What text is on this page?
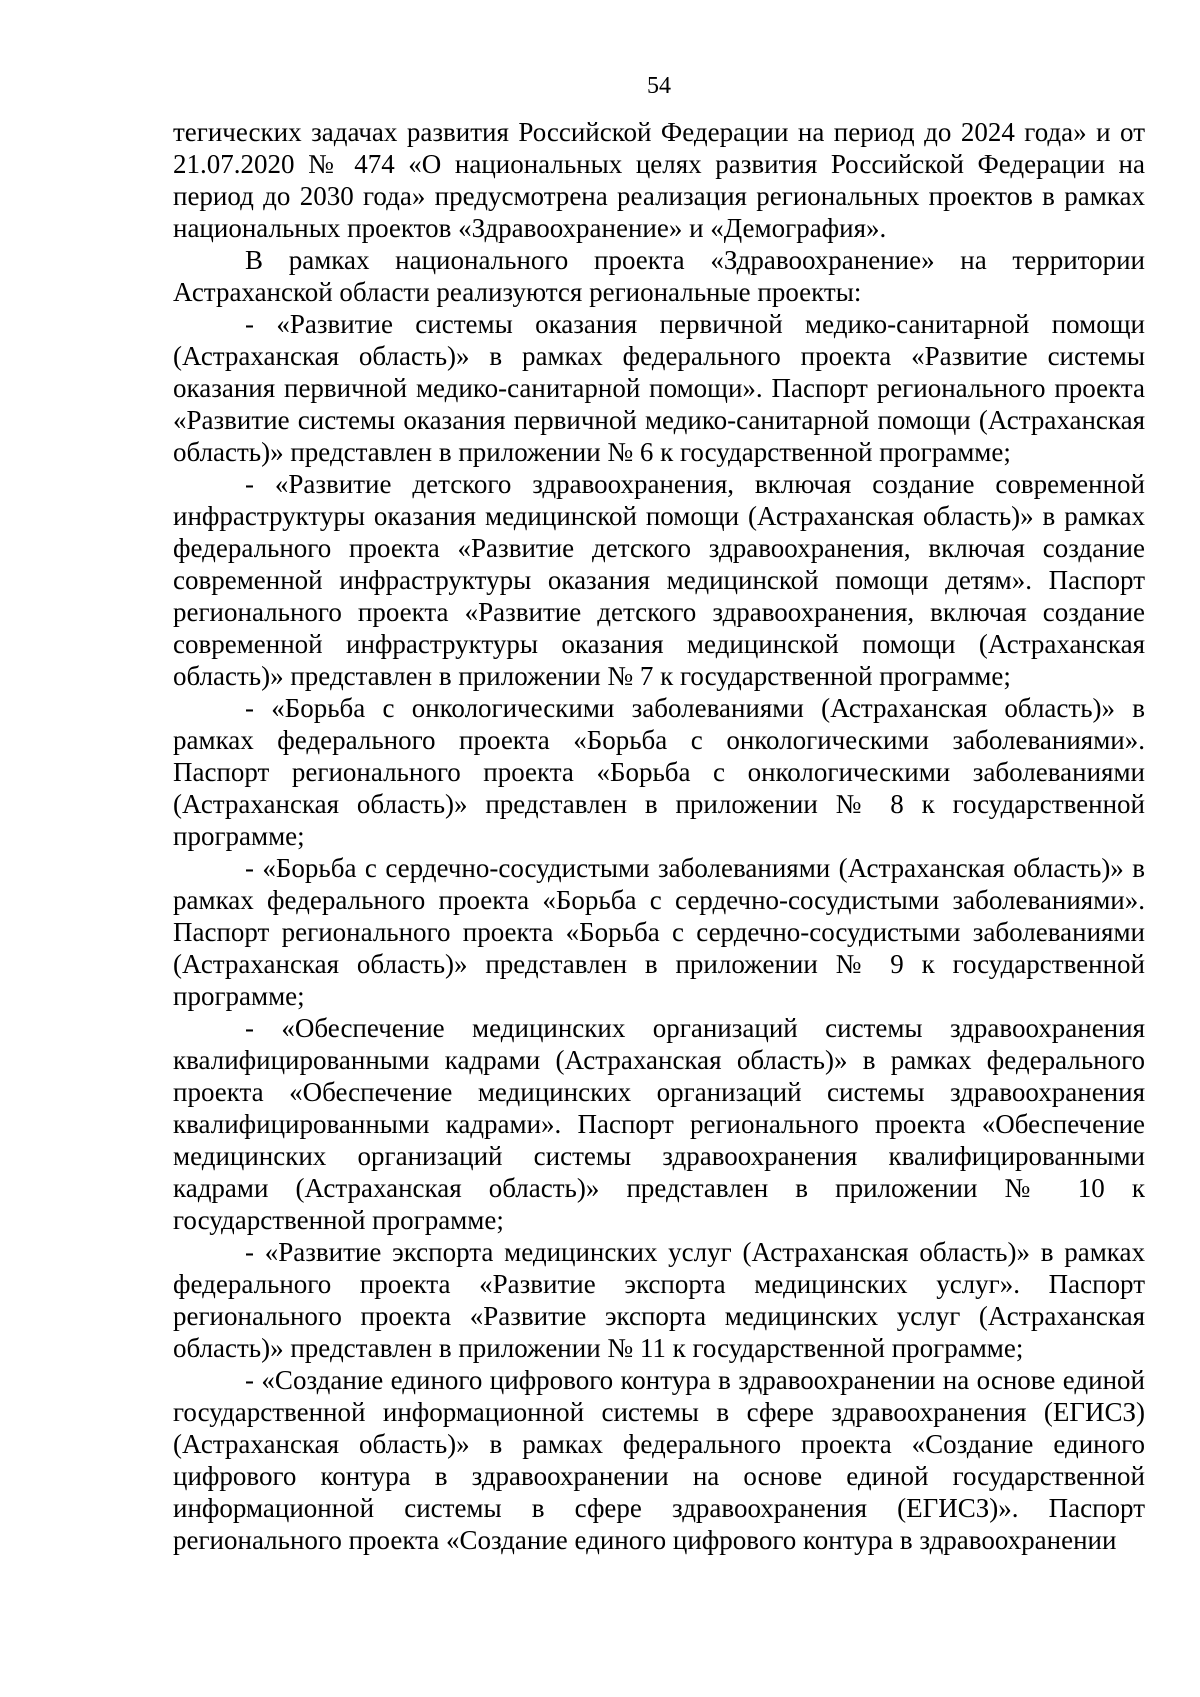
54

тегических задачах развития Российской Федерации на период до 2024 года» и от 21.07.2020 № 474 «О национальных целях развития Российской Федерации на период до 2030 года» предусмотрена реализация региональных проектов в рамках национальных проектов «Здравоохранение» и «Демография».

В рамках национального проекта «Здравоохранение» на территории Астраханской области реализуются региональные проекты:

- «Развитие системы оказания первичной медико-санитарной помощи (Астраханская область)» в рамках федерального проекта «Развитие системы оказания первичной медико-санитарной помощи». Паспорт регионального проекта «Развитие системы оказания первичной медико-санитарной помощи (Астраханская область)» представлен в приложении № 6 к государственной программе;

- «Развитие детского здравоохранения, включая создание современной инфраструктуры оказания медицинской помощи (Астраханская область)» в рамках федерального проекта «Развитие детского здравоохранения, включая создание современной инфраструктуры оказания медицинской помощи детям». Паспорт регионального проекта «Развитие детского здравоохранения, включая создание современной инфраструктуры оказания медицинской помощи (Астраханская область)» представлен в приложении № 7 к государственной программе;

- «Борьба с онкологическими заболеваниями (Астраханская область)» в рамках федерального проекта «Борьба с онкологическими заболеваниями». Паспорт регионального проекта «Борьба с онкологическими заболеваниями (Астраханская область)» представлен в приложении № 8 к государственной программе;

- «Борьба с сердечно-сосудистыми заболеваниями (Астраханская область)» в рамках федерального проекта «Борьба с сердечно-сосудистыми заболеваниями». Паспорт регионального проекта «Борьба с сердечно-сосудистыми заболеваниями (Астраханская область)» представлен в приложении № 9 к государственной программе;

- «Обеспечение медицинских организаций системы здравоохранения квалифицированными кадрами (Астраханская область)» в рамках федерального проекта «Обеспечение медицинских организаций системы здравоохранения квалифицированными кадрами». Паспорт регионального проекта «Обеспечение медицинских организаций системы здравоохранения квалифицированными кадрами (Астраханская область)» представлен в приложении № 10 к государственной программе;

- «Развитие экспорта медицинских услуг (Астраханская область)» в рамках федерального проекта «Развитие экспорта медицинских услуг». Паспорт регионального проекта «Развитие экспорта медицинских услуг (Астраханская область)» представлен в приложении № 11 к государственной программе;

- «Создание единого цифрового контура в здравоохранении на основе единой государственной информационной системы в сфере здравоохранения (ЕГИСЗ) (Астраханская область)» в рамках федерального проекта «Создание единого цифрового контура в здравоохранении на основе единой государственной информационной системы в сфере здравоохранения (ЕГИСЗ)». Паспорт регионального проекта «Создание единого цифрового контура в здравоохранении
